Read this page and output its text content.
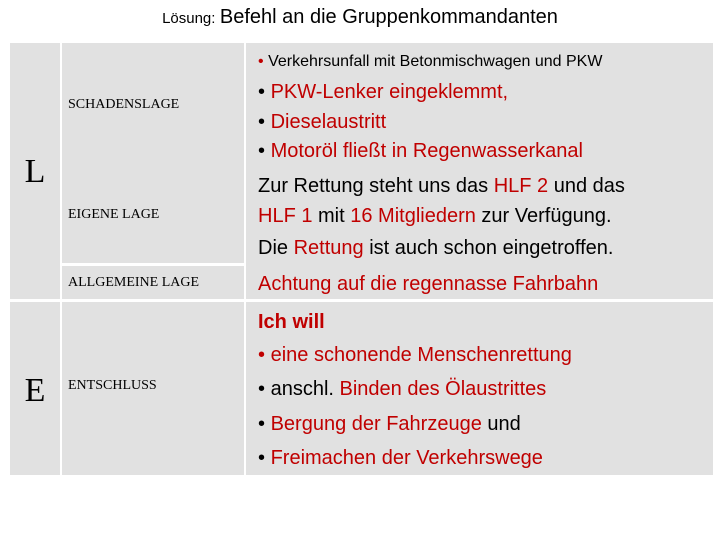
Lösung: Befehl an die Gruppenkommandanten
L
E
SCHADENSLAGE
EIGENE LAGE
ALLGEMEINE LAGE
ENTSCHLUSS
• Verkehrsunfall mit Betonmischwagen und PKW
• PKW-Lenker eingeklemmt,
• Dieselaustritt
• Motoröl fließt in Regenwasserkanal
Zur Rettung steht uns das HLF 2 und das
HLF 1 mit 16 Mitgliedern zur Verfügung.
Die Rettung ist auch schon eingetroffen.
Achtung auf die regennasse Fahrbahn
Ich will
• eine schonende Menschenrettung
• anschl. Binden des Ölaustrittes
• Bergung der Fahrzeuge und
• Freimachen der Verkehrswege
